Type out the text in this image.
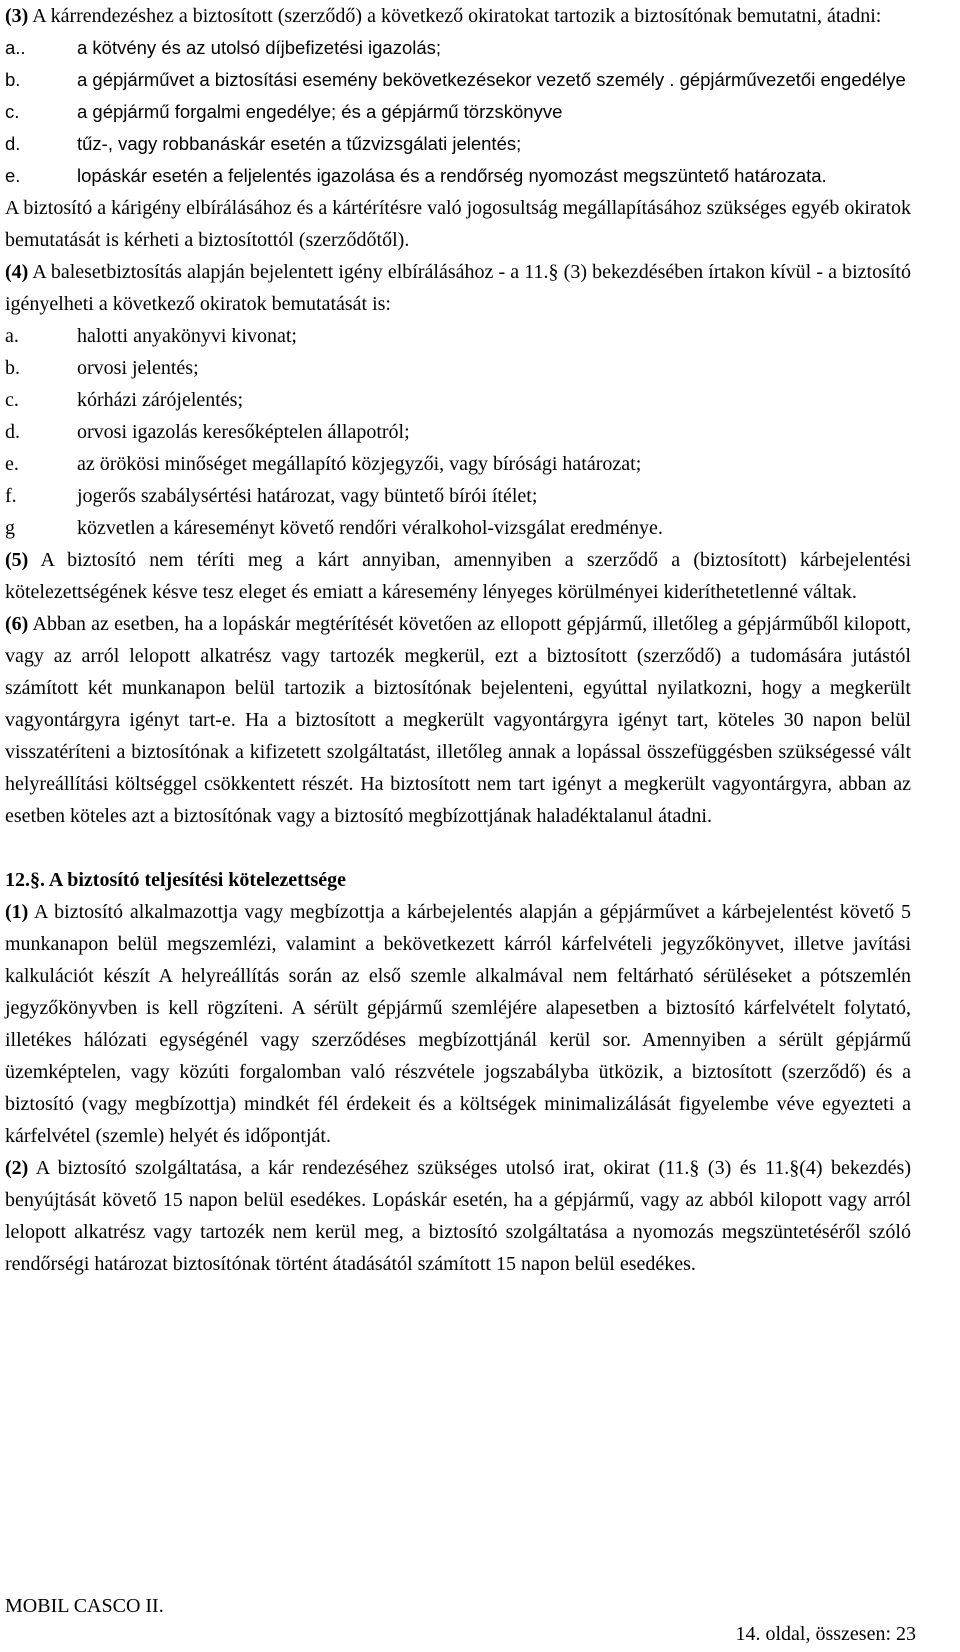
(3) A kárrendezéshez a biztosított (szerződő) a következő okiratokat tartozik a biztosítónak bemutatni, átadni:

a..	a kötvény és az utolsó díjbefizetési igazolás;
b.	a gépjárművet a biztosítási esemény bekövetkezésekor vezető személy . gépjárművezetői engedélye
c.	a gépjármű forgalmi engedélye; és a gépjármű törzskönyve
d.	tűz-, vagy robbanáskár esetén a tűzvizsgálati jelentés;
e.	lopáskár esetén a feljelentés igazolása és a rendőrség nyomozást megszüntető határozata.

A biztosító a kárigény elbírálásához és a kártérítésre való jogosultság megállapításához szükséges egyéb okiratok bemutatását is kérheti a biztosítottól (szerződőtől).

(4) A balesetbiztosítás alapján bejelentett igény elbírálásához - a 11.§ (3) bekezdésében írtakon kívül - a biztosító igényelheti a következő okiratok bemutatását is:

a.	halotti anyakönyvi kivonat;
b.	orvosi jelentés;
c.	kórházi zárójelentés;
d.	orvosi igazolás keresőképtelen állapotról;
e.	az örökösi minőséget megállapító közjegyzői, vagy bírósági határozat;
f.	jogerős szabálysértési határozat, vagy büntető bírói ítélet;
g	közvetlen a káreseményt követő rendőri véralkohol-vizsgálat eredménye.

(5) A biztosító nem téríti meg a kárt annyiban, amennyiben a szerződő a (biztosított) kárbejelentési kötelezettségének késve tesz eleget és emiatt a káresemény lényeges körülményei kideríthetetlenné váltak.

(6) Abban az esetben, ha a lopáskár megtérítését követően az ellopott gépjármű, illetőleg a gépjárműből kilopott, vagy az arról lelopott alkatrész vagy tartozék megkerül, ezt a biztosított (szerződő) a tudomására jutástól számított két munkanapon belül tartozik a biztosítónak bejelenteni, egyúttal nyilatkozni, hogy a megkerült vagyontárgyra igényt tart-e. Ha a biztosított a megkerült vagyontárgyra igényt tart, köteles 30 napon belül visszatéríteni a biztosítónak a kifizetett szolgáltatást, illetőleg annak a lopással összefüggésben szükségessé vált helyreállítási költséggel csökkentett részét. Ha biztosított nem tart igényt a megkerült vagyontárgyra, abban az esetben köteles azt a biztosítónak vagy a biztosító megbízottjának haladéktalanul átadni.

12.§. A biztosító teljesítési kötelezettsége

(1) A biztosító alkalmazottja vagy megbízottja a kárbejelentés alapján a gépjárművet a kárbejelentést követő 5 munkanapon belül megszemlézi, valamint a bekövetkezett kárról kárfelvételi jegyzőkönyvet, illetve javítási kalkulációt készít A helyreállítás során az első szemle alkalmával nem feltárható sérüléseket a pótszemlén jegyzőkönyvben is kell rögzíteni. A sérült gépjármű szemléjére alapesetben a biztosító kárfelvételt folytató, illetékes hálózati egységénél vagy szerződéses megbízottjánál kerül sor. Amennyiben a sérült gépjármű üzemképtelen, vagy közúti forgalomban való részvétele jogszabályba ütközik, a biztosított (szerződő) és a biztosító (vagy megbízottja) mindkét fél érdekeit és a költségek minimalizálását figyelembe véve egyezteti a kárfelvétel (szemle) helyét és időpontját.

(2) A biztosító szolgáltatása, a kár rendezéséhez szükséges utolsó irat, okirat (11.§ (3) és 11.§(4) bekezdés) benyújtását követő 15 napon belül esedékes. Lopáskár esetén, ha a gépjármű, vagy az abból kilopott vagy arról lelopott alkatrész vagy tartozék nem kerül meg, a biztosító szolgáltatása a nyomozás megszüntetéséről szóló rendőrségi határozat biztosítónak történt átadásától számított 15 napon belül esedékes.

MOBIL CASCO II.
14. oldal, összesen: 23
